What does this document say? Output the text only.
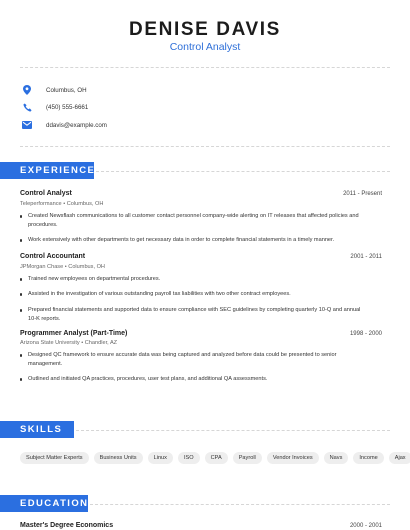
DENISE DAVIS
Control Analyst
Columbus, OH
(450) 555-6661
ddavis@example.com
EXPERIENCE
Control Analyst	2011 - Present
Teleperformance • Columbus, OH
Created Newsflash communications to all customer contact personnel company-wide alerting on IT releases that affected policies and procedures.
Work extensively with other departments to get necessary data in order to complete financial statements in a timely manner.
Control Accountant	2001 - 2011
JPMorgan Chase • Columbus, OH
Trained new employees on departmental procedures.
Assisted in the investigation of various outstanding payroll tax liabilities with two other contract employees.
Prepared financial statements and supported data to ensure compliance with SEC guidelines by completing quarterly 10-Q and annual 10-K reports.
Programmer Analyst (Part-Time)	1998 - 2000
Arizona State University • Chandler, AZ
Designed QC framework to ensure accurate data was being captured and analyzed before data could be presented to senior management.
Outlined and initiated QA practices, procedures, user test plans, and additional QA assessments.
SKILLS
Subject Matter Experts	Business Units	Linux	ISO	CPA	Payroll	Vendor Invoices	Navs	Income	Ajax
EDUCATION
Master's Degree Economics	2000 - 2001
